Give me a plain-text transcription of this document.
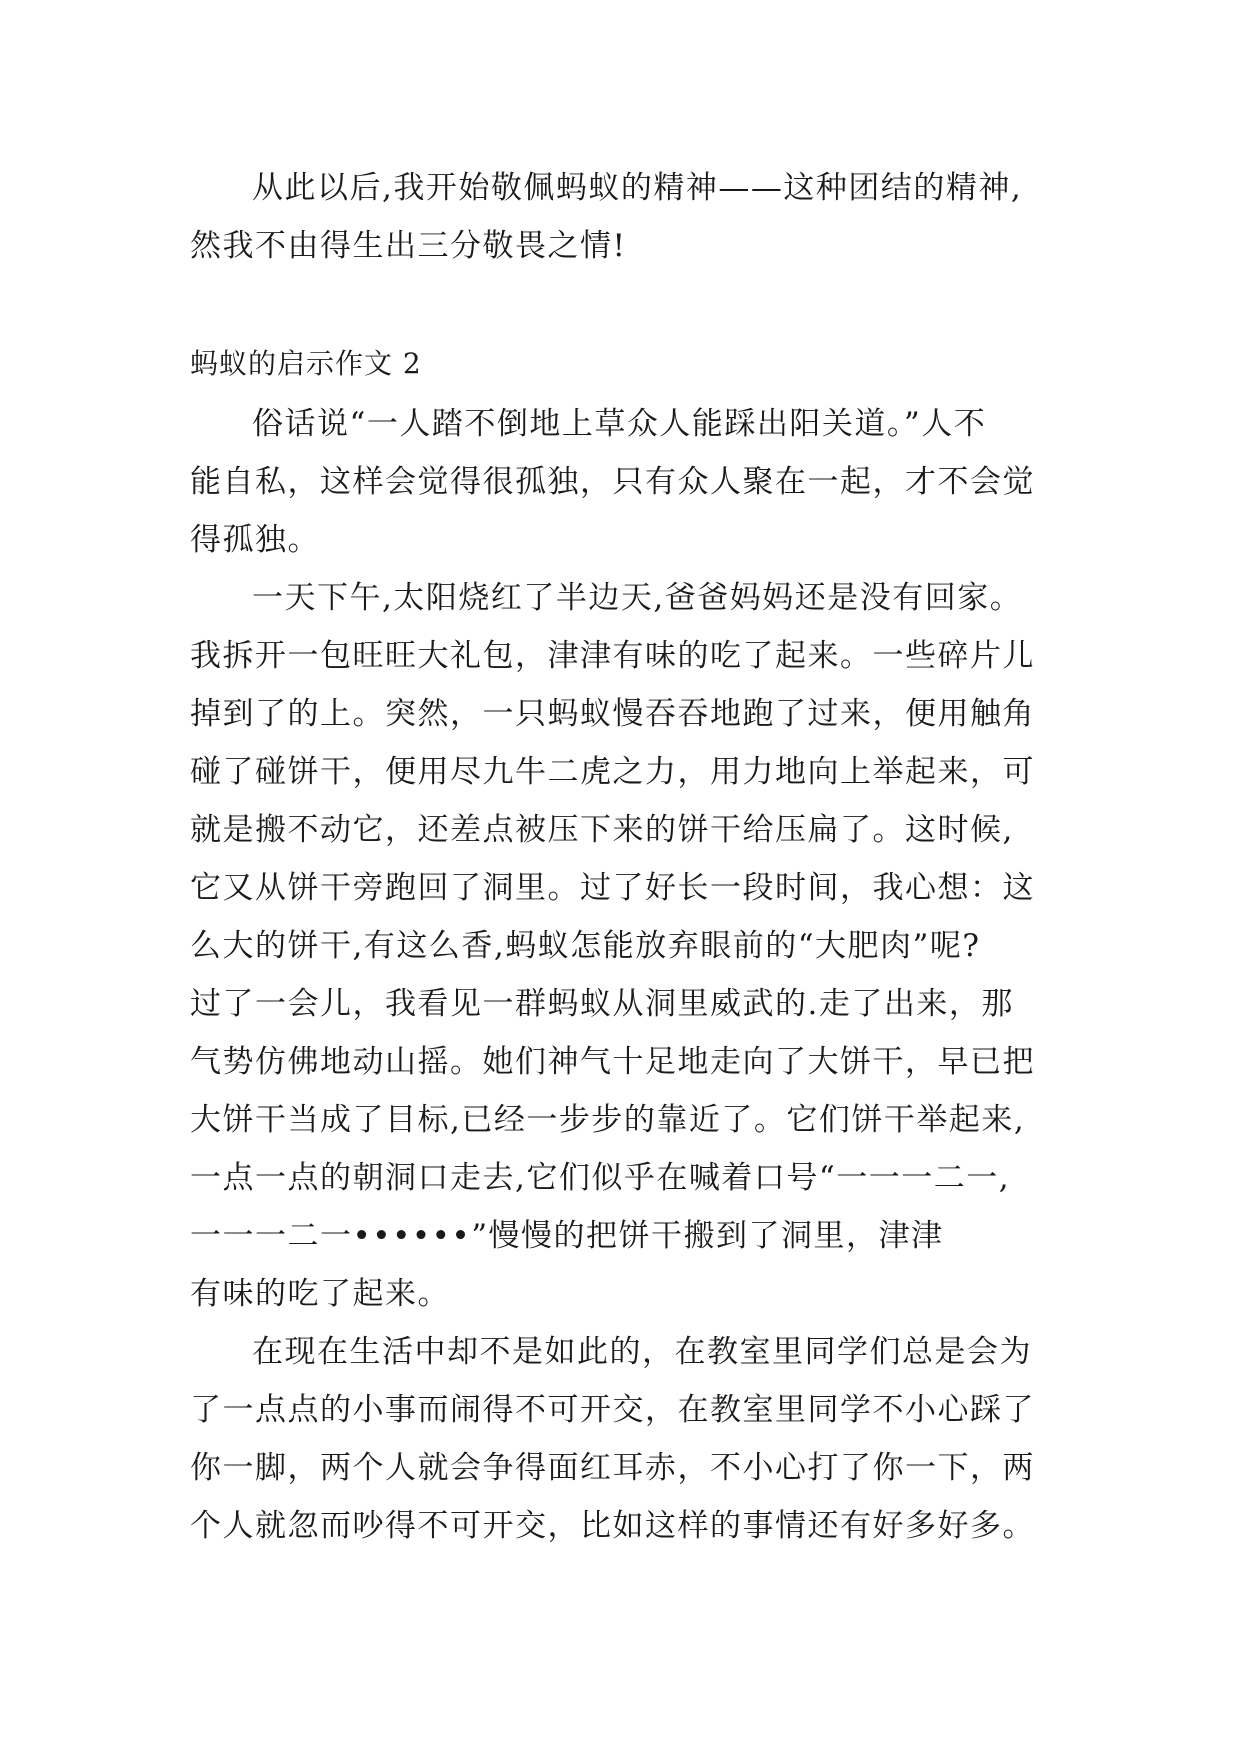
从此以后,我开始敬佩蚂蚁的精神——这种团结的精神,
然我不由得生出三分敬畏之情!
蚂蚁的启示作文 2
俗话说“一人踏不倒地上草众人能踩出阳关道。”人不
能自私，这样会觉得很孤独，只有众人聚在一起，才不会觉
得孤独。
一天下午,太阳烧红了半边天,爸爸妈妈还是没有回家。
我拆开一包旺旺大礼包，津津有味的吃了起来。一些碎片儿
掉到了的上。突然，一只蚂蚁慢吞吞地跑了过来，便用触角
碰了碰饼干，便用尽九牛二虎之力，用力地向上举起来，可
就是搬不动它，还差点被压下来的饼干给压扁了。这时候,
它又从饼干旁跑回了洞里。过了好长一段时间，我心想：这
么大的饼干,有这么香,蚂蚁怎能放弃眼前的“大肥肉”呢?
过了一会儿，我看见一群蚂蚁从洞里威武的.走了出来，那
气势仿佛地动山摇。她们神气十足地走向了大饼干，早已把
大饼干当成了目标,已经一步步的靠近了。它们饼干举起来,
一点一点的朝洞口走去,它们似乎在喊着口号“一一一二一,
一一一二一••••••”慢慢的把饼干搬到了洞里，津津
有味的吃了起来。
在现在生活中却不是如此的，在教室里同学们总是会为
了一点点的小事而闹得不可开交，在教室里同学不小心踩了
你一脚，两个人就会争得面红耳赤，不小心打了你一下，两
个人就忽而吵得不可开交，比如这样的事情还有好多好多。
